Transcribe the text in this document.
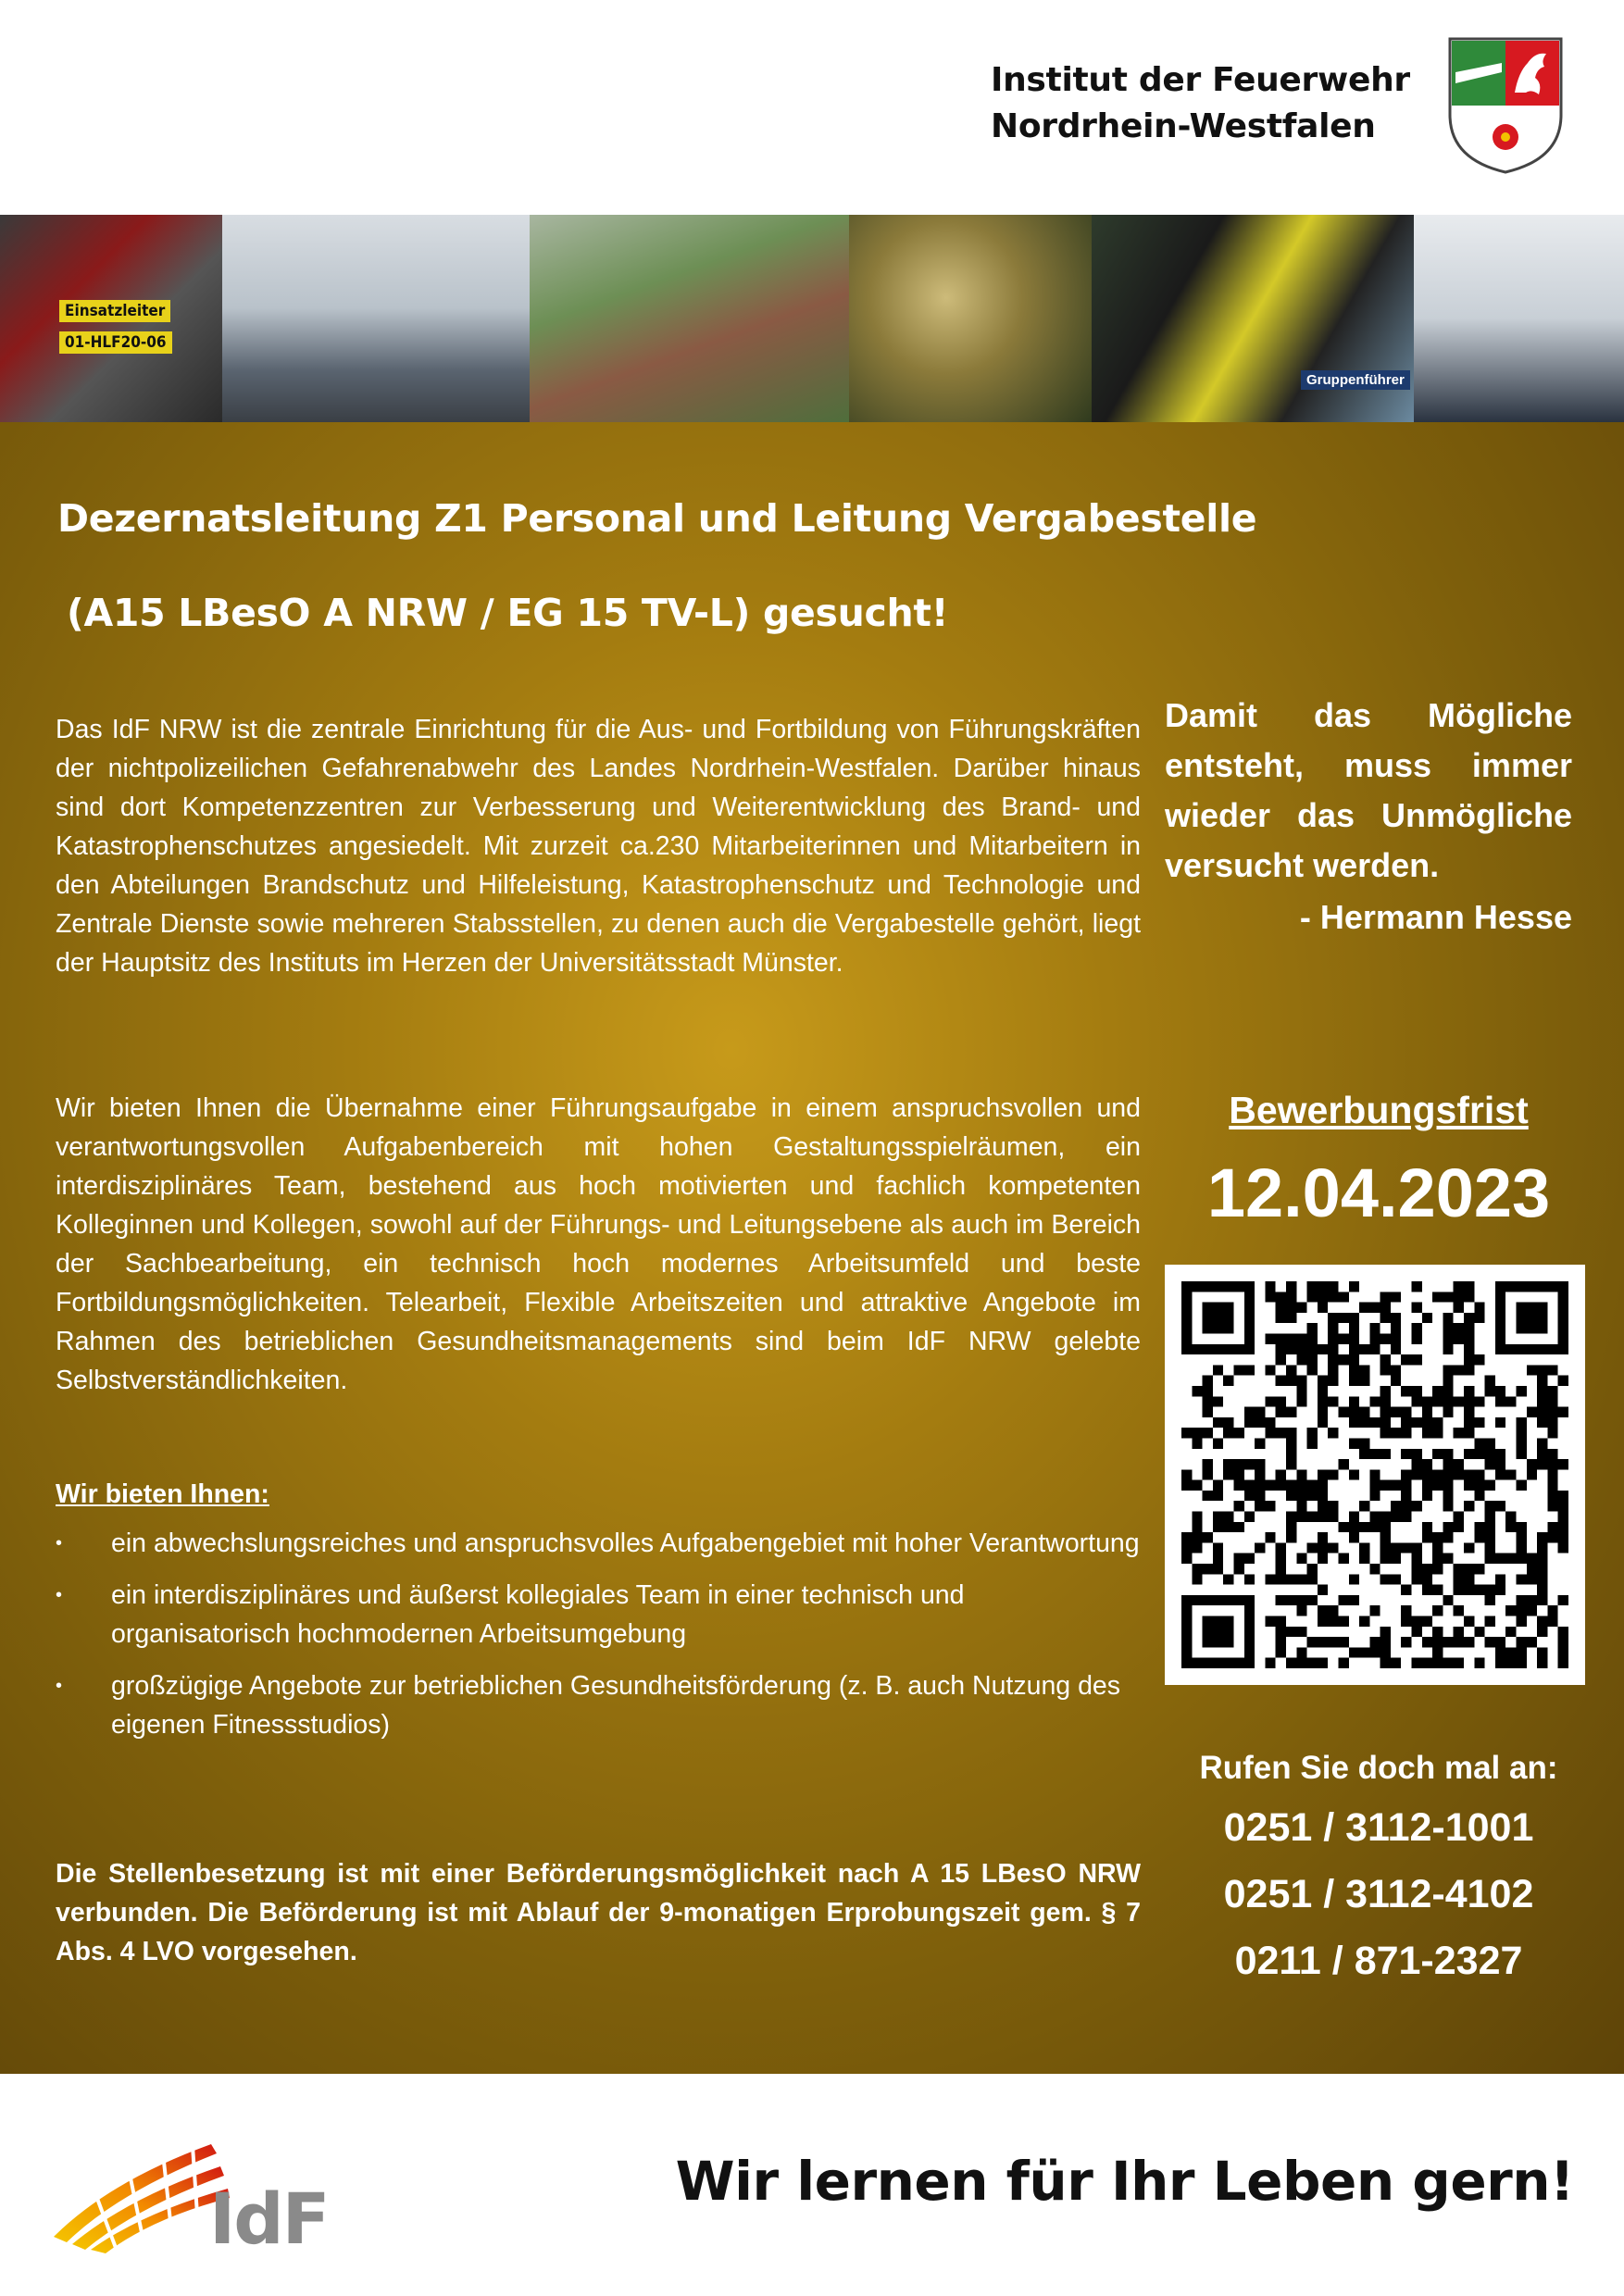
Institut der Feuerwehr
Nordrhein-Westfalen
Einsatzleiter
01-HLF20-06
Gruppenführer
Dezernatsleitung Z1 Personal und Leitung Vergabestelle
(A15 LBesO A NRW / EG 15 TV-L) gesucht!

Das IdF NRW ist die zentrale Einrichtung für die Aus- und Fortbildung von Führungskräften der nichtpolizeilichen Gefahrenabwehr des Landes Nordrhein-Westfalen. Darüber hinaus sind dort Kompetenzzentren zur Verbesserung und Weiterentwicklung des Brand- und Katastrophenschutzes angesiedelt. Mit zurzeit ca.230 Mitarbeiterinnen und Mitarbeitern in den Abteilungen Brandschutz und Hilfeleistung, Katastrophenschutz und Technologie und Zentrale Dienste sowie mehreren Stabsstellen, zu denen auch die Vergabestelle gehört, liegt der Hauptsitz des Instituts im Herzen der Universitätsstadt Münster.

Wir bieten Ihnen die Übernahme einer Führungsaufgabe in einem anspruchsvollen und verantwortungsvollen Aufgabenbereich mit hohen Gestaltungsspielräumen, ein interdisziplinäres Team, bestehend aus hoch motivierten und fachlich kompetenten Kolleginnen und Kollegen, sowohl auf der Führungs- und Leitungsebene als auch im Bereich der Sachbearbeitung, ein technisch hoch modernes Arbeitsumfeld und beste Fortbildungsmöglichkeiten. Telearbeit, Flexible Arbeitszeiten und attraktive Angebote im Rahmen des betrieblichen Gesundheitsmanagements sind beim IdF NRW gelebte Selbstverständlichkeiten.

Wir bieten Ihnen:
• ein abwechslungsreiches und anspruchsvolles Aufgabengebiet mit hoher Verantwortung
• ein interdisziplinäres und äußerst kollegiales Team in einer technisch und organisatorisch hochmodernen Arbeitsumgebung
• großzügige Angebote zur betrieblichen Gesundheitsförderung (z. B. auch Nutzung des eigenen Fitnessstudios)

Die Stellenbesetzung ist mit einer Beförderungsmöglichkeit nach A 15 LBesO NRW verbunden. Die Beförderung ist mit Ablauf der 9-monatigen Erprobungszeit gem. § 7 Abs. 4 LVO vorgesehen.

Damit das Mögliche entsteht, muss immer wieder das Unmögliche versucht werden.
- Hermann Hesse
Bewerbungsfrist
12.04.2023
Rufen Sie doch mal an:
0251 / 3112-1001
0251 / 3112-4102
0211 / 871-2327
IdF	Wir lernen für Ihr Leben gern!
